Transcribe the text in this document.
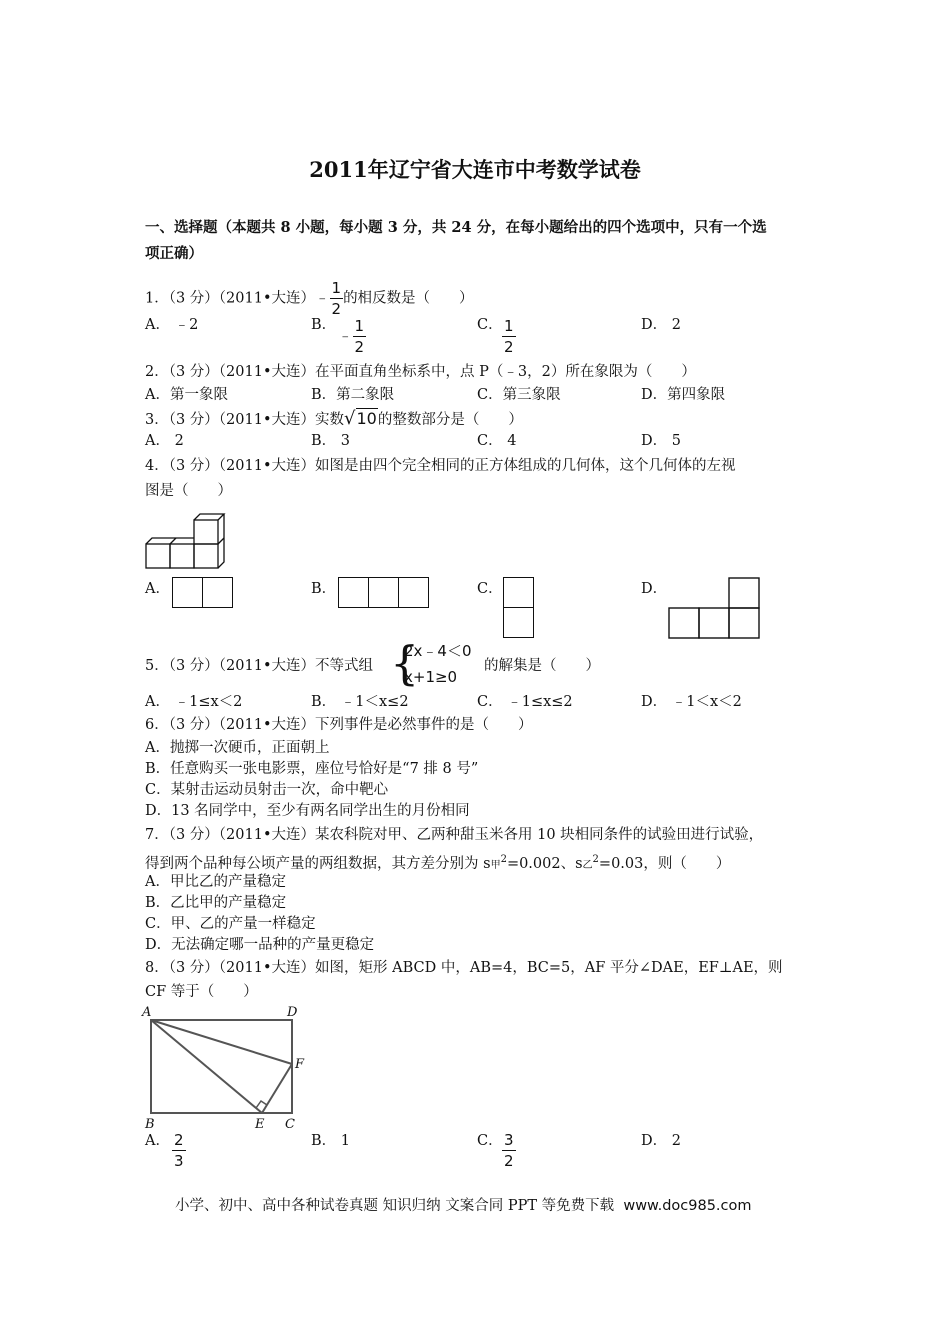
2011年辽宁省大连市中考数学试卷
一、选择题（本题共 8 小题，每小题 3 分，共 24 分，在每小题给出的四个选项中，只有一个选
项正确）
1．（3 分）（2011•大连）﹣ $\frac{1}{2}$ 的相反数是（　　）
A． ﹣2	B．
﹣ $\frac{1}{2}$	C． $\frac{1}{2}$	D． 2
2．（3 分）（2011•大连）在平面直角坐标系中，点 P（﹣3，2）所在象限为（　　）
A．第一象限	B．第二象限	C．第三象限	D．第四象限
3．（3 分）（2011•大连）实数√10的整数部分是（　　）
A． 2	B． 3	C． 4	D． 5
4．（3 分）（2011•大连）如图是由四个完全相同的正方体组成的几何体，这个几何体的左视
图是（　　）
A．	B．	C．	D．
5．（3 分）（2011•大连）不等式组 {
2x﹣4＜0
x+1≥0
的解集是（　　）
A． ﹣1≤x＜2	B． ﹣1＜x≤2	C． ﹣1≤x≤2	D． ﹣1＜x＜2
6．（3 分）（2011•大连）下列事件是必然事件的是（　　）
A．抛掷一次硬币，正面朝上
B．任意购买一张电影票，座位号恰好是“7 排 8 号”
C．某射击运动员射击一次，命中靶心
D．13 名同学中，至少有两名同学出生的月份相同
7．（3 分）（2011•大连）某农科院对甲、乙两种甜玉米各用 10 块相同条件的试验田进行试验，
得到两个品种每公顷产量的两组数据，其方差分别为 s甲$^2$=0.002、s乙$^2$=0.03，则（　　）
A．甲比乙的产量稳定
B．乙比甲的产量稳定
C．甲、乙的产量一样稳定
D．无法确定哪一品种的产量更稳定
8．（3 分）（2011•大连）如图，矩形 ABCD 中，AB=4，BC=5，AF 平分∠DAE，EF⊥AE，则
CF 等于（　　）
A	D
F
B	E C
A． $\frac{2}{3}$	B． 1	C． $\frac{3}{2}$	D． 2
小学、初中、高中各种试卷真题 知识归纳 文案合同 PPT 等免费下载 www.doc985.com
